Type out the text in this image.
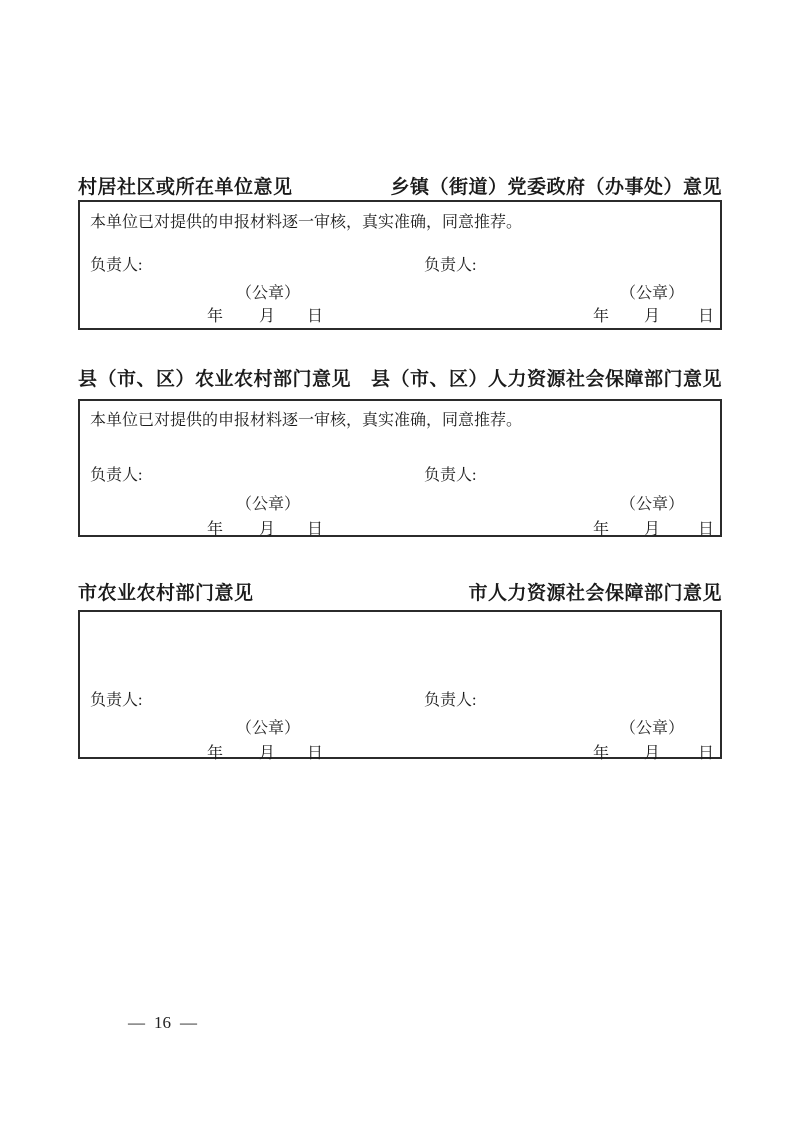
村居社区或所在单位意见	乡镇（街道）党委政府（办事处）意见
本单位已对提供的申报材料逐一审核，真实准确，同意推荐。
负责人:	负责人:
（公章）	（公章）
年 月 日	年 月 日
县（市、区）农业农村部门意见 县（市、区）人力资源社会保障部门意见
本单位已对提供的申报材料逐一审核，真实准确，同意推荐。
负责人:	负责人:
（公章）	（公章）
年 月 日	年 月 日
市农业农村部门意见	市人力资源社会保障部门意见
负责人:	负责人:
（公章）	（公章）
年 月 日	年 月 日
— 16 —
